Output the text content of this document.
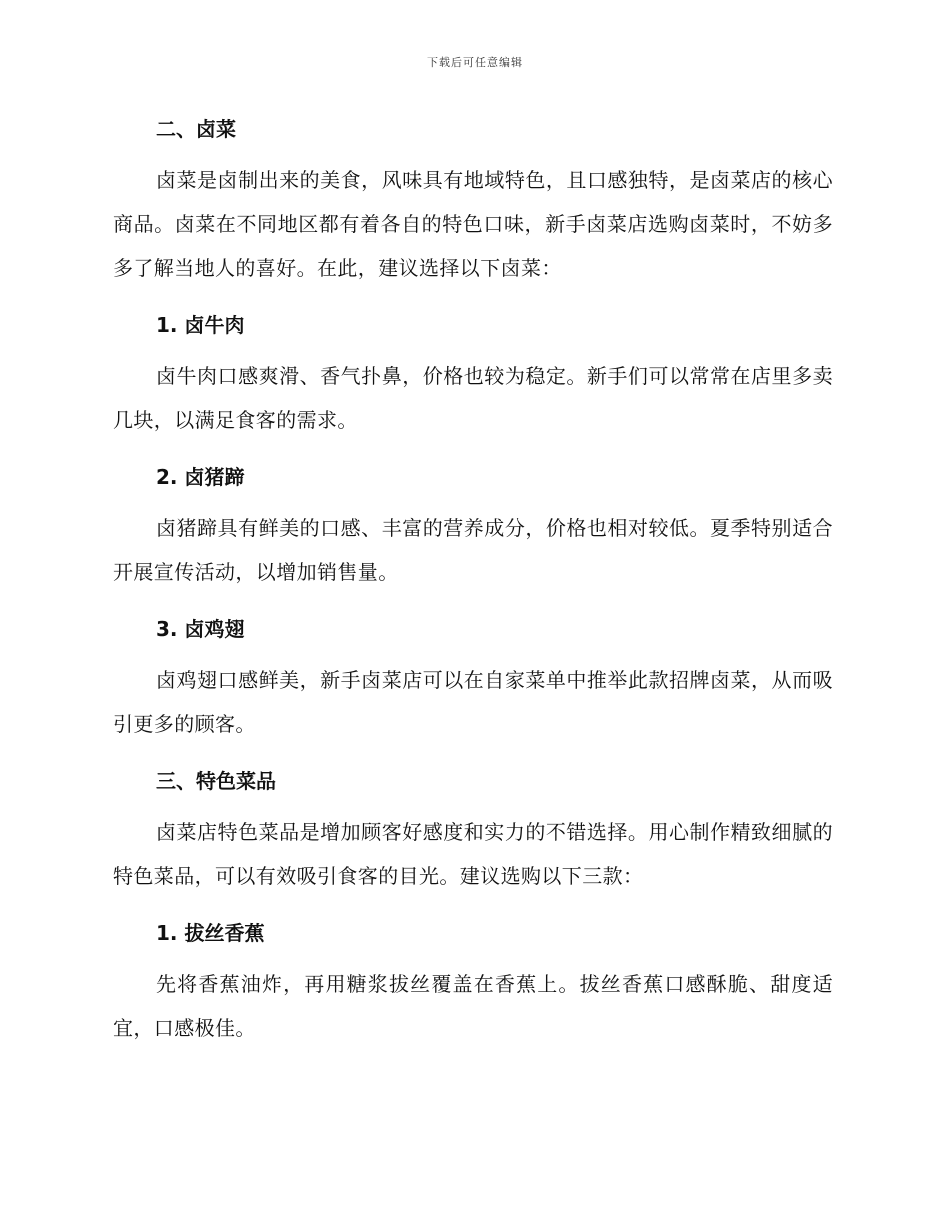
下载后可任意编辑
二、卤菜

卤菜是卤制出来的美食，风味具有地域特色，且口感独特，是卤菜店的核心商品。卤菜在不同地区都有着各自的特色口味，新手卤菜店选购卤菜时，不妨多多了解当地人的喜好。在此，建议选择以下卤菜：

1. 卤牛肉

卤牛肉口感爽滑、香气扑鼻，价格也较为稳定。新手们可以常常在店里多卖几块，以满足食客的需求。

2. 卤猪蹄

卤猪蹄具有鲜美的口感、丰富的营养成分，价格也相对较低。夏季特别适合开展宣传活动，以增加销售量。

3. 卤鸡翅

卤鸡翅口感鲜美，新手卤菜店可以在自家菜单中推举此款招牌卤菜，从而吸引更多的顾客。

三、特色菜品

卤菜店特色菜品是增加顾客好感度和实力的不错选择。用心制作精致细腻的特色菜品，可以有效吸引食客的目光。建议选购以下三款：

1. 拔丝香蕉

先将香蕉油炸，再用糖浆拔丝覆盖在香蕉上。拔丝香蕉口感酥脆、甜度适宜，口感极佳。
